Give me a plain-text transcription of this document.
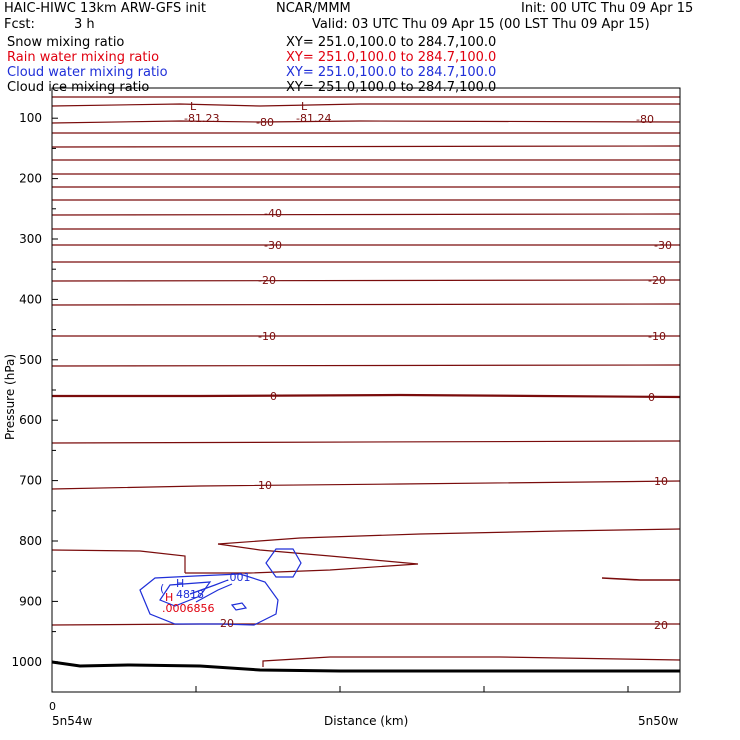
HAIC-HIWC 13km ARW-GFS init	NCAR/MMM	Init: 00 UTC Thu 09 Apr 15
Fcst:	3 h	Valid: 03 UTC Thu 09 Apr 15 (00 LST Thu 09 Apr 15)
Snow mixing ratio	XY= 251.0,100.0 to 284.7,100.0
Rain water mixing ratio	XY= 251.0,100.0 to 284.7,100.0
Cloud water mixing ratio	XY= 251.0,100.0 to 284.7,100.0
Cloud ice mixing ratio	XY= 251.0,100.0 to 284.7,100.0
100
200
300
400
500
600
700
800
900
1000
-81.23	-81.24
L	L
-80	-80
-40
-30	-30
-20	-20
-10	-10
0	0
10	10
20	20
H
4818
.001
(
H
.0006856
Pressure (hPa)
Distance (km)
5n54w	5n50w
0
